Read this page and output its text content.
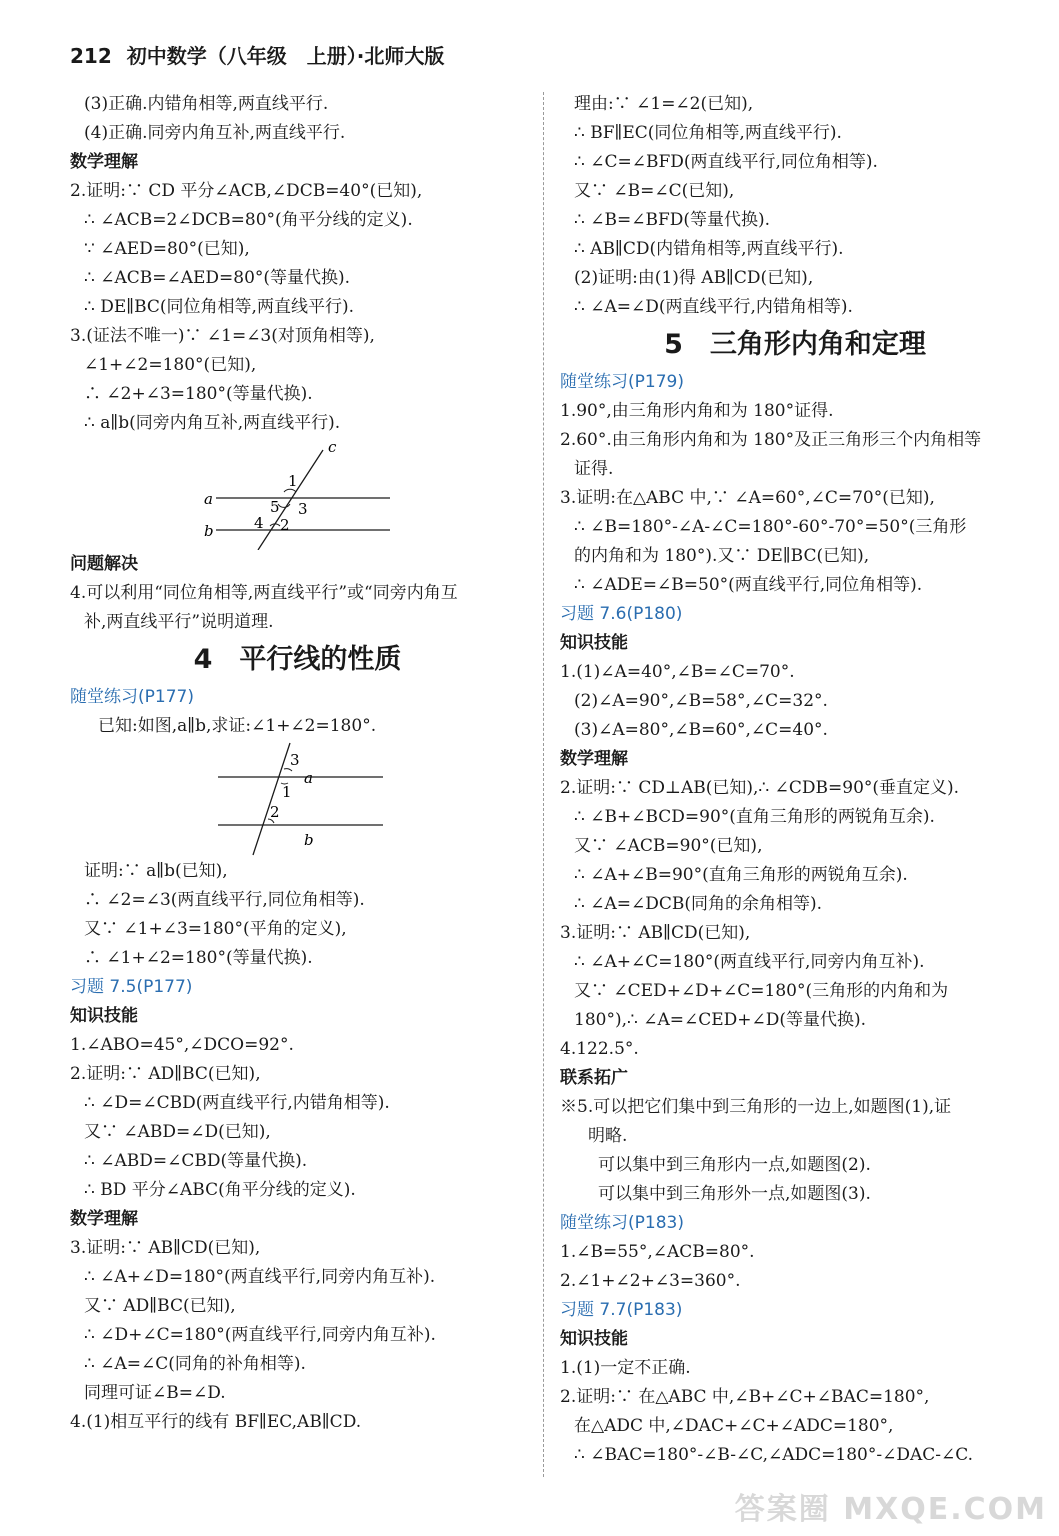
212 初中数学（八年级　上册）·北师大版
(3)正确.内错角相等,两直线平行.
(4)正确.同旁内角互补,两直线平行.
数学理解
2.证明:∵ CD 平分∠ACB,∠DCB=40°(已知),
∴ ∠ACB=2∠DCB=80°(角平分线的定义).
∵ ∠AED=80°(已知),
∴ ∠ACB=∠AED=80°(等量代换).
∴ DE∥BC(同位角相等,两直线平行).
3.(证法不唯一)∵ ∠1=∠3(对顶角相等),
∠1+∠2=180°(已知),
∴ ∠2+∠3=180°(等量代换).
∴ a∥b(同旁内角互补,两直线平行).
c
a
b
1
5 3
4 2
问题解决
4.可以利用“同位角相等,两直线平行”或“同旁内角互
补,两直线平行”说明道理.
4　平行线的性质
随堂练习(P177)
已知:如图,a∥b,求证:∠1+∠2=180°.
3
1
2
a
b
证明:∵ a∥b(已知),
∴ ∠2=∠3(两直线平行,同位角相等).
又∵ ∠1+∠3=180°(平角的定义),
∴ ∠1+∠2=180°(等量代换).
习题 7.5(P177)
知识技能
1.∠ABO=45°,∠DCO=92°.
2.证明:∵ AD∥BC(已知),
∴ ∠D=∠CBD(两直线平行,内错角相等).
又∵ ∠ABD=∠D(已知),
∴ ∠ABD=∠CBD(等量代换).
∴ BD 平分∠ABC(角平分线的定义).
数学理解
3.证明:∵ AB∥CD(已知),
∴ ∠A+∠D=180°(两直线平行,同旁内角互补).
又∵ AD∥BC(已知),
∴ ∠D+∠C=180°(两直线平行,同旁内角互补).
∴ ∠A=∠C(同角的补角相等).
同理可证∠B=∠D.
4.(1)相互平行的线有 BF∥EC,AB∥CD.
理由:∵ ∠1=∠2(已知),
∴ BF∥EC(同位角相等,两直线平行).
∴ ∠C=∠BFD(两直线平行,同位角相等).
又∵ ∠B=∠C(已知),
∴ ∠B=∠BFD(等量代换).
∴ AB∥CD(内错角相等,两直线平行).
(2)证明:由(1)得 AB∥CD(已知),
∴ ∠A=∠D(两直线平行,内错角相等).
5　三角形内角和定理
随堂练习(P179)
1.90°,由三角形内角和为 180°证得.
2.60°.由三角形内角和为 180°及正三角形三个内角相等
证得.
3.证明:在△ABC 中,∵ ∠A=60°,∠C=70°(已知),
∴ ∠B=180°-∠A-∠C=180°-60°-70°=50°(三角形
的内角和为 180°).又∵ DE∥BC(已知),
∴ ∠ADE=∠B=50°(两直线平行,同位角相等).
习题 7.6(P180)
知识技能
1.(1)∠A=40°,∠B=∠C=70°.
(2)∠A=90°,∠B=58°,∠C=32°.
(3)∠A=80°,∠B=60°,∠C=40°.
数学理解
2.证明:∵ CD⊥AB(已知),∴ ∠CDB=90°(垂直定义).
∴ ∠B+∠BCD=90°(直角三角形的两锐角互余).
又∵ ∠ACB=90°(已知),
∴ ∠A+∠B=90°(直角三角形的两锐角互余).
∴ ∠A=∠DCB(同角的余角相等).
3.证明:∵ AB∥CD(已知),
∴ ∠A+∠C=180°(两直线平行,同旁内角互补).
又∵ ∠CED+∠D+∠C=180°(三角形的内角和为
180°),∴ ∠A=∠CED+∠D(等量代换).
4.122.5°.
联系拓广
※5.可以把它们集中到三角形的一边上,如题图(1),证
明略.
可以集中到三角形内一点,如题图(2).
可以集中到三角形外一点,如题图(3).
随堂练习(P183)
1.∠B=55°,∠ACB=80°.
2.∠1+∠2+∠3=360°.
习题 7.7(P183)
知识技能
1.(1)一定不正确.
2.证明:∵ 在△ABC 中,∠B+∠C+∠BAC=180°,
在△ADC 中,∠DAC+∠C+∠ADC=180°,
∴ ∠BAC=180°-∠B-∠C,∠ADC=180°-∠DAC-∠C.
答案圈 MXQE.COM
